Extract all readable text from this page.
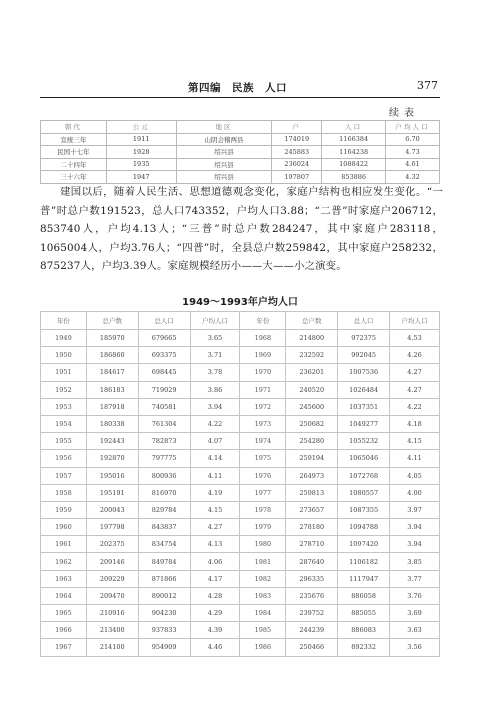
第四编　民族　人口	377
续表
朝代	公元	地区	户	人口	户均人口
宣统三年	1911	山阴会稽两县	174019	1166384	6.70
民国十七年	1928	绍兴县	245883	1164238	4.73
二十四年	1935	绍兴县	236024	1088422	4.61
三十六年	1947	绍兴县	197807	853886	4.32

建国以后，随着人民生活、思想道德观念变化，家庭户结构也相应发生变化。“一普”时总户数191523，总人口743352，户均人口3.88；“二普”时家庭户206712，853740人，户均4.13人；“三普”时总户数284247，其中家庭户283118，1065004人，户均3.76人；“四普”时，全县总户数259842，其中家庭户258232，875237人，户均3.39人。家庭规模经历小——大——小之演变。

1949～1993年户均人口
年份	总户数	总人口	户均人口	年份	总户数	总人口	户均人口
1949	185970	679665	3.65	1968	214800	972375	4.53
1950	186860	693375	3.71	1969	232592	992045	4.26
1951	184617	698445	3.78	1970	236201	1007536	4.27
1952	186183	719029	3.86	1971	240520	1026484	4.27
1953	187918	740581	3.94	1972	245600	1037351	4.22
1954	180338	761304	4.22	1973	250682	1049277	4.18
1955	192443	782873	4.07	1974	254280	1055232	4.15
1956	192870	797775	4.14	1975	259194	1065046	4.11
1957	195016	800936	4.11	1976	264973	1072768	4.05
1958	195191	816970	4.19	1977	259813	1080557	4.00
1959	200043	829784	4.15	1978	273657	1087355	3.97
1960	197798	843837	4.27	1979	278180	1094788	3.94
1961	202375	834754	4.13	1980	278710	1097420	3.94
1962	209146	849784	4.06	1981	287640	1106182	3.85
1963	209229	871866	4.17	1982	296335	1117947	3.77
1964	209470	890012	4.28	1983	235676	886058	3.76
1965	210916	904230	4.29	1984	239752	885055	3.69
1966	213400	937833	4.39	1985	244239	886083	3.63
1967	214100	954909	4.46	1986	250466	892332	3.56
